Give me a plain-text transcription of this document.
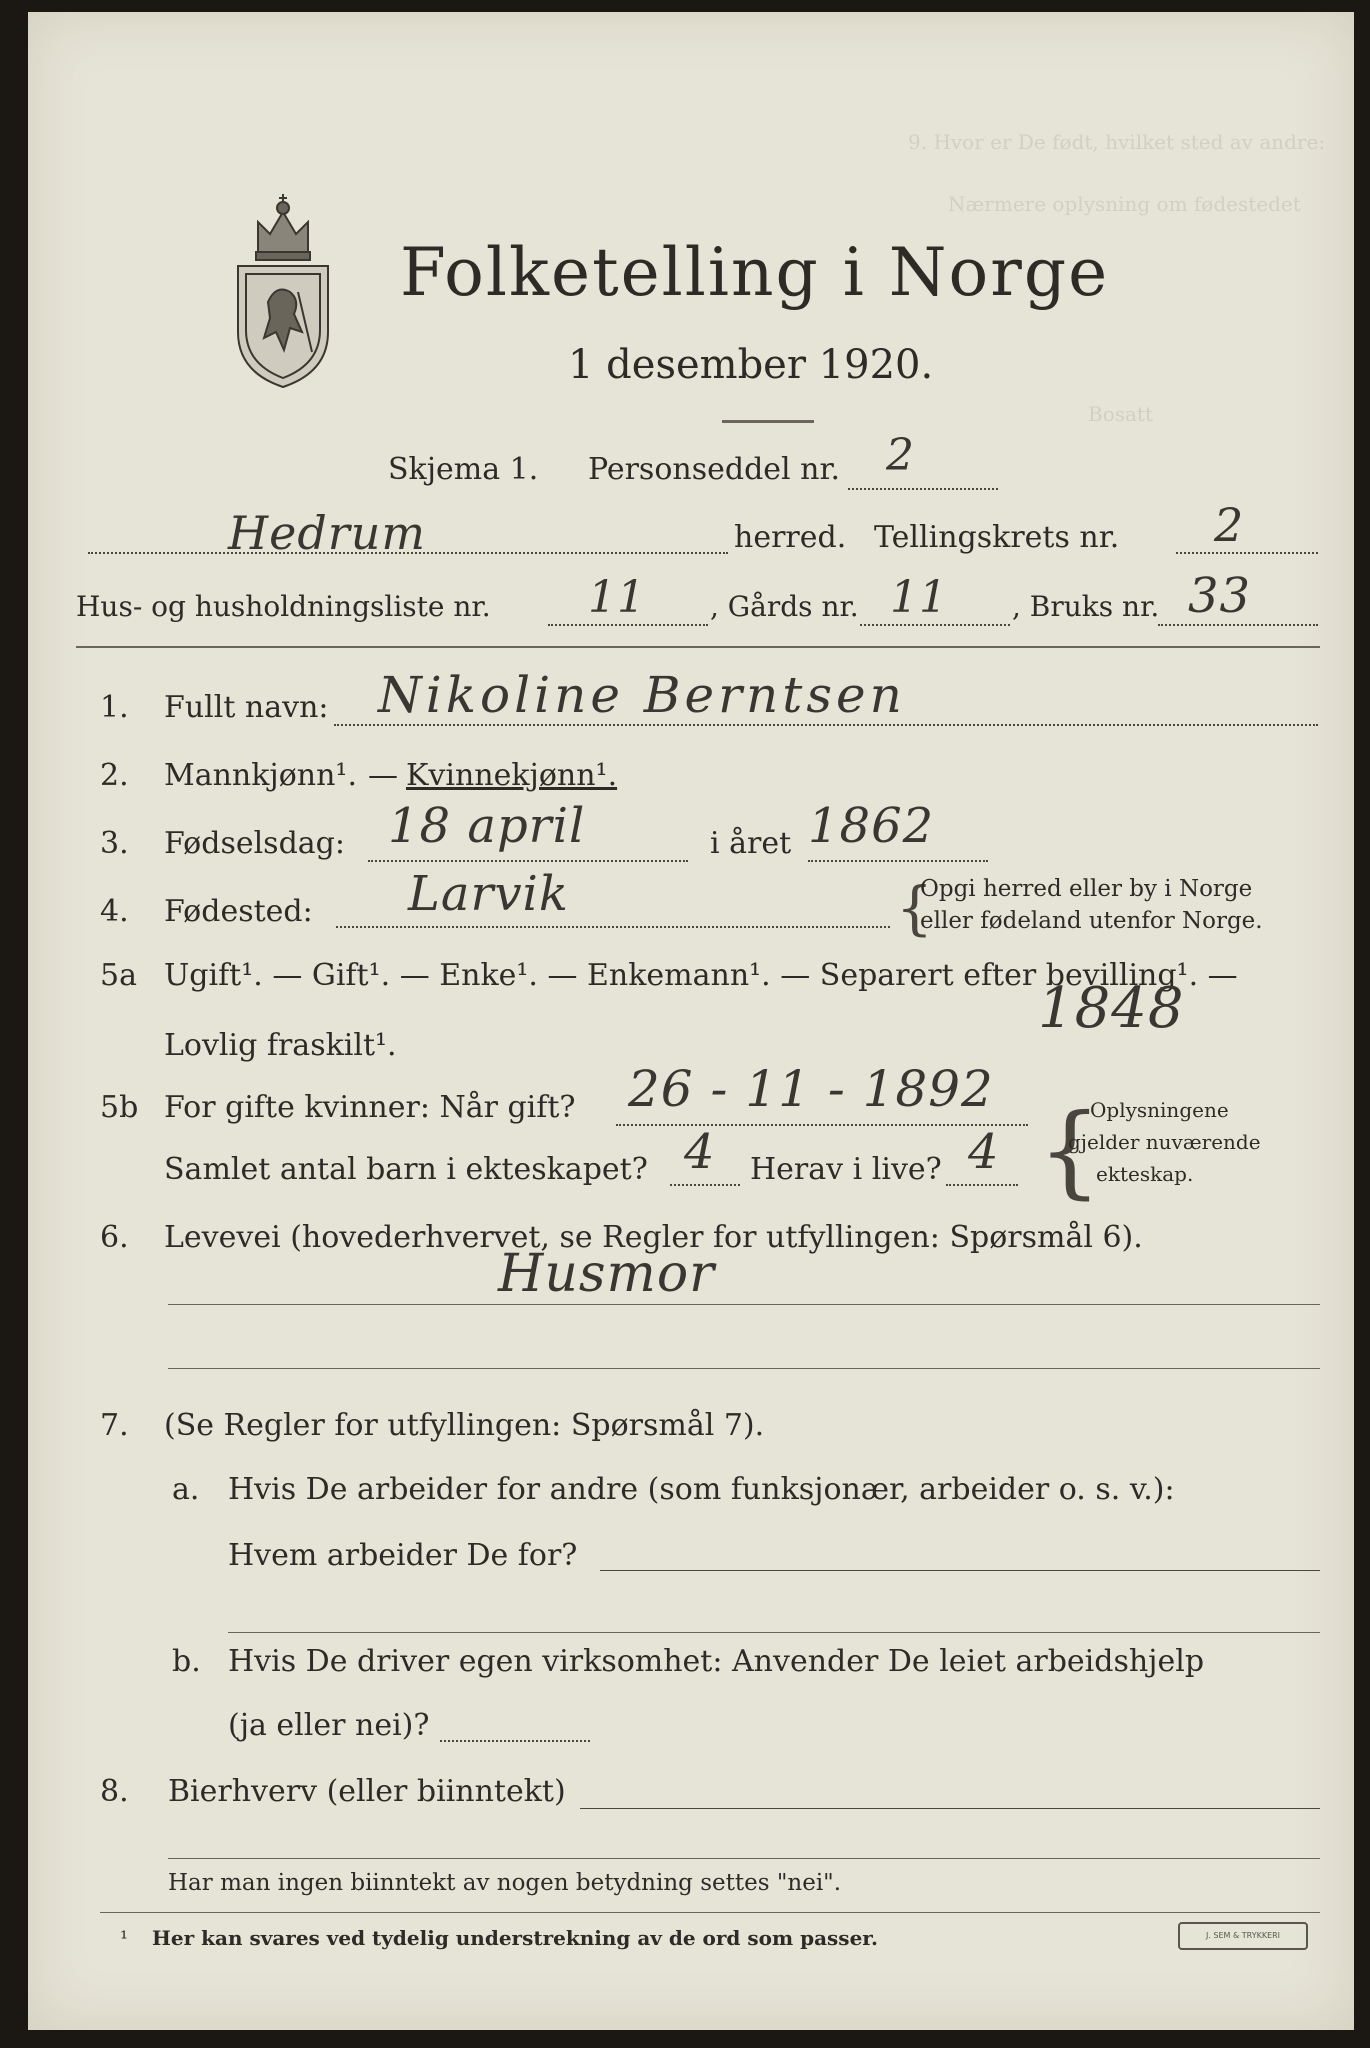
9. Hvor er De født, hvilket sted av andre:
Nærmere oplysning om fødestedet
Bosatt
Folketelling i Norge
1 desember 1920.
Skjema 1. Personseddel nr. 2
Hedrum	herred. Tellingskrets nr. 2
Hus- og husholdningsliste nr. 11 , Gårds nr. 11 , Bruks nr. 33
1. Fullt navn: Nikoline Berntsen
2. Mannkjønn¹. — Kvinnekjønn¹.
3. Fødselsdag: 18 april	i året 1862
4. Fødested: Larvik	{
Opgi herred eller by i Norge
eller fødeland utenfor Norge.
5a Ugift¹. — Gift¹. — Enke¹. — Enkemann¹. — Separert efter bevilling¹. —
Lovlig fraskilt¹.
1848
5b For gifte kvinner: Når gift? 26 - 11 - 1892
Samlet antal barn i ekteskapet? 4 Herav i live? 4 {
Oplysningene
gjelder nuværende
ekteskap.
6. Levevei (hovederhvervet, se Regler for utfyllingen: Spørsmål 6).
Husmor
7. (Se Regler for utfyllingen: Spørsmål 7).
a. Hvis De arbeider for andre (som funksjonær, arbeider o. s. v.):
Hvem arbeider De for?
b. Hvis De driver egen virksomhet: Anvender De leiet arbeidshjelp
(ja eller nei)?
8. Bierhverv (eller biinntekt)
Har man ingen biinntekt av nogen betydning settes "nei".
¹ Her kan svares ved tydelig understrekning av de ord som passer.	J. SEM & TRYKKERI
